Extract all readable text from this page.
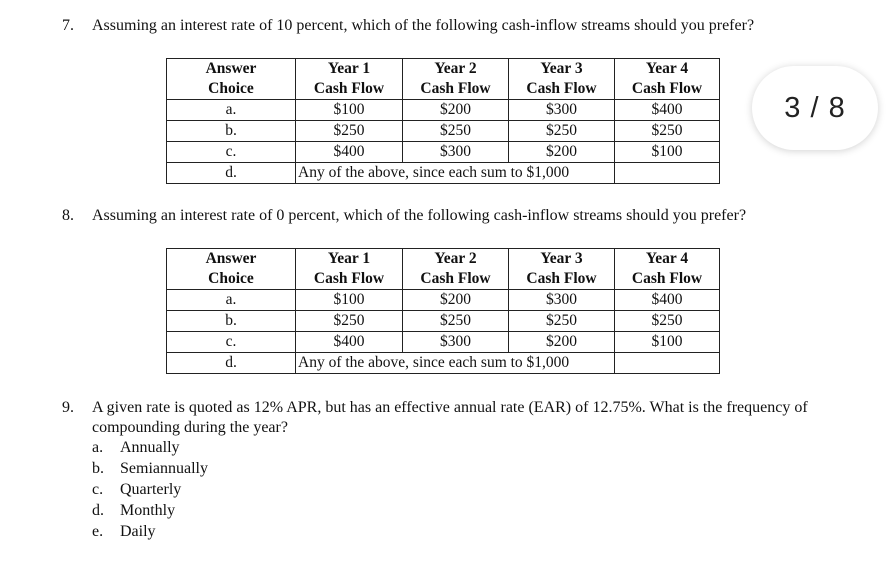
7. Assuming an interest rate of 10 percent, which of the following cash-inflow streams should you prefer?
Answer	Year 1	Year 2	Year 3	Year 4
Choice	Cash Flow	Cash Flow	Cash Flow	Cash Flow
a.	$100	$200	$300	$400
b.	$250	$250	$250	$250
c.	$400	$300	$200	$100
d.	Any of the above, since each sum to $1,000			
8. Assuming an interest rate of 0 percent, which of the following cash-inflow streams should you prefer?
Answer	Year 1	Year 2	Year 3	Year 4
Choice	Cash Flow	Cash Flow	Cash Flow	Cash Flow
a.	$100	$200	$300	$400
b.	$250	$250	$250	$250
c.	$400	$300	$200	$100
d.	Any of the above, since each sum to $1,000			
9. A given rate is quoted as 12% APR, but has an effective annual rate (EAR) of 12.75%. What is the frequency of compounding during the year?
a. Annually
b. Semiannually
c. Quarterly
d. Monthly
e. Daily
3 / 8
